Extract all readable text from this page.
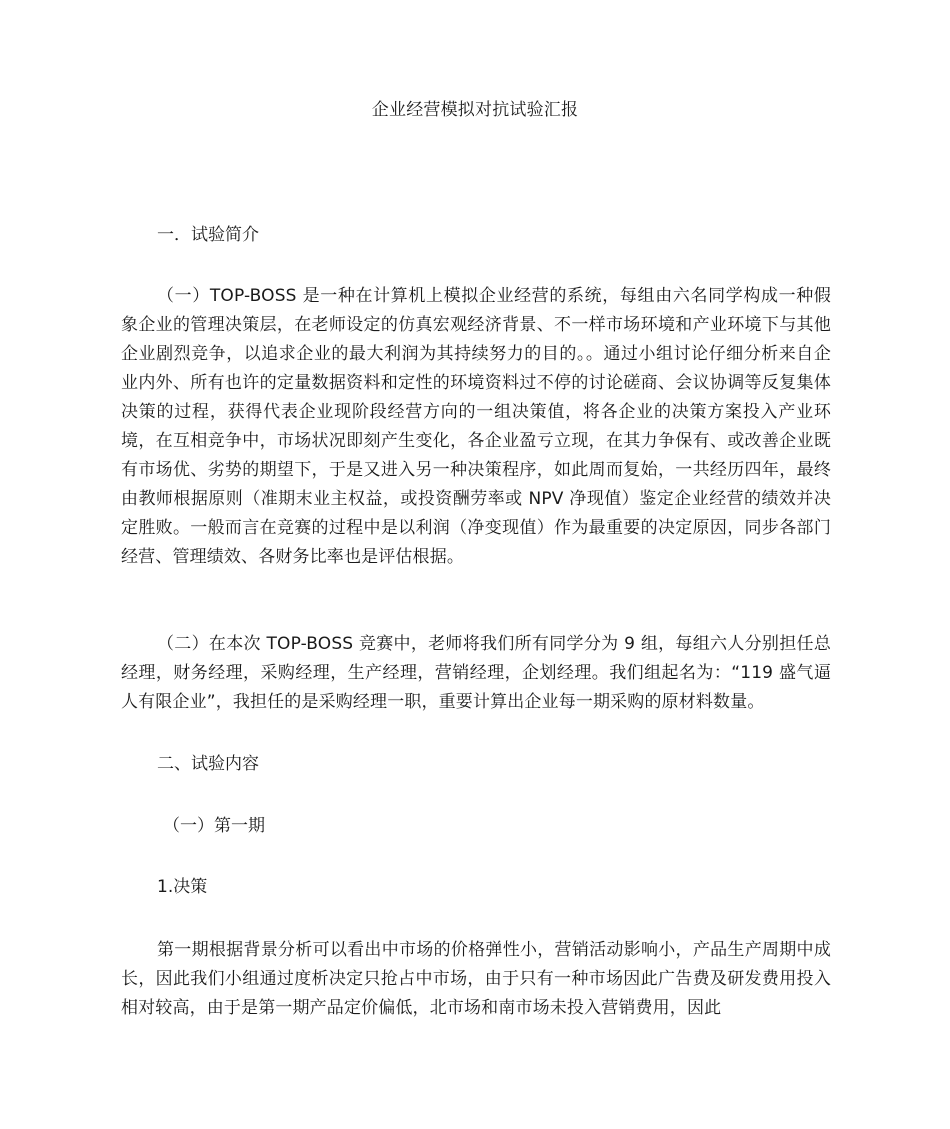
企业经营模拟对抗试验汇报
一．试验简介

（一）TOP-BOSS 是一种在计算机上模拟企业经营的系统，每组由六名同学构成一种假象企业的管理决策层，在老师设定的仿真宏观经济背景、不一样市场环境和产业环境下与其他企业剧烈竞争，以追求企业的最大利润为其持续努力的目的。。通过小组讨论仔细分析来自企业内外、所有也许的定量数据资料和定性的环境资料过不停的讨论磋商、会议协调等反复集体决策的过程，获得代表企业现阶段经营方向的一组决策值，将各企业的决策方案投入产业环境，在互相竞争中，市场状况即刻产生变化，各企业盈亏立现，在其力争保有、或改善企业既有市场优、劣势的期望下，于是又进入另一种决策程序，如此周而复始，一共经历四年，最终由教师根据原则（准期末业主权益，或投资酬劳率或 NPV 净现值）鉴定企业经营的绩效并决定胜败。一般而言在竞赛的过程中是以利润（净变现值）作为最重要的决定原因，同步各部门经营、管理绩效、各财务比率也是评估根据。

（二）在本次 TOP-BOSS 竞赛中，老师将我们所有同学分为 9 组，每组六人分别担任总经理，财务经理，采购经理，生产经理，营销经理，企划经理。我们组起名为：“119 盛气逼人有限企业”，我担任的是采购经理一职，重要计算出企业每一期采购的原材料数量。

二、试验内容
（一）第一期
1.决策

第一期根据背景分析可以看出中市场的价格弹性小，营销活动影响小，产品生产周期中成长，因此我们小组通过度析决定只抢占中市场，由于只有一种市场因此广告费及研发费用投入相对较高，由于是第一期产品定价偏低，北市场和南市场未投入营销费用，因此
